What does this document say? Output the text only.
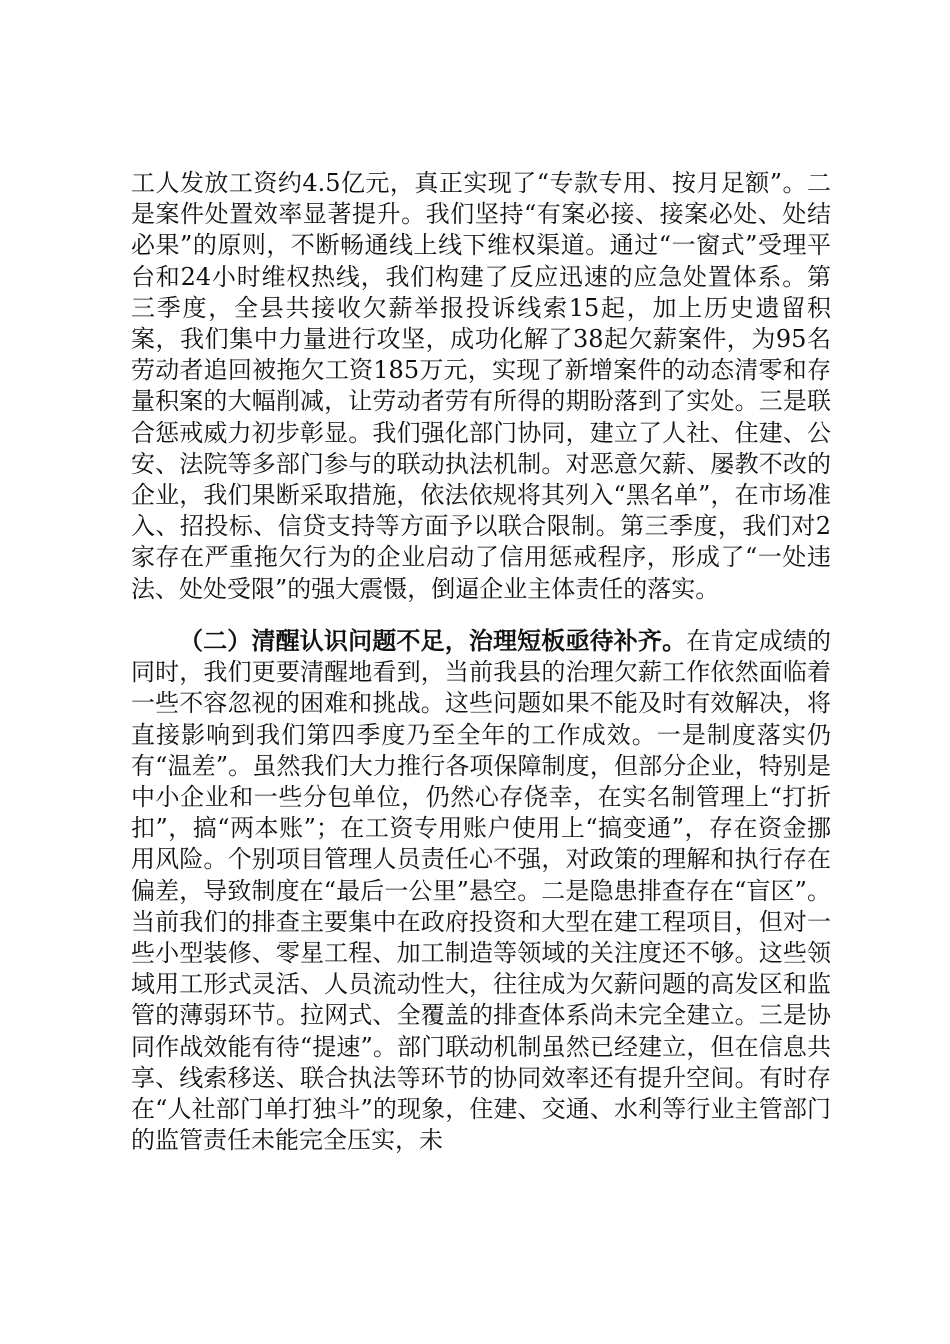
工人发放工资约4.5亿元，真正实现了“专款专用、按月足额”。二是案件处置效率显著提升。我们坚持“有案必接、接案必处、处结必果”的原则，不断畅通线上线下维权渠道。通过“一窗式”受理平台和24小时维权热线，我们构建了反应迅速的应急处置体系。第三季度，全县共接收欠薪举报投诉线索15起，加上历史遗留积案，我们集中力量进行攻坚，成功化解了38起欠薪案件，为95名劳动者追回被拖欠工资185万元，实现了新增案件的动态清零和存量积案的大幅削减，让劳动者劳有所得的期盼落到了实处。三是联合惩戒威力初步彰显。我们强化部门协同，建立了人社、住建、公安、法院等多部门参与的联动执法机制。对恶意欠薪、屡教不改的企业，我们果断采取措施，依法依规将其列入“黑名单”，在市场准入、招投标、信贷支持等方面予以联合限制。第三季度，我们对2家存在严重拖欠行为的企业启动了信用惩戒程序，形成了“一处违法、处处受限”的强大震慑，倒逼企业主体责任的落实。

（二）清醒认识问题不足，治理短板亟待补齐。在肯定成绩的同时，我们更要清醒地看到，当前我县的治理欠薪工作依然面临着一些不容忽视的困难和挑战。这些问题如果不能及时有效解决，将直接影响到我们第四季度乃至全年的工作成效。一是制度落实仍有“温差”。虽然我们大力推行各项保障制度，但部分企业，特别是中小企业和一些分包单位，仍然心存侥幸，在实名制管理上“打折扣”，搞“两本账”；在工资专用账户使用上“搞变通”，存在资金挪用风险。个别项目管理人员责任心不强，对政策的理解和执行存在偏差，导致制度在“最后一公里”悬空。二是隐患排查存在“盲区”。当前我们的排查主要集中在政府投资和大型在建工程项目，但对一些小型装修、零星工程、加工制造等领域的关注度还不够。这些领域用工形式灵活、人员流动性大，往往成为欠薪问题的高发区和监管的薄弱环节。拉网式、全覆盖的排查体系尚未完全建立。三是协同作战效能有待“提速”。部门联动机制虽然已经建立，但在信息共享、线索移送、联合执法等环节的协同效率还有提升空间。有时存在“人社部门单打独斗”的现象，住建、交通、水利等行业主管部门的监管责任未能完全压实，未
